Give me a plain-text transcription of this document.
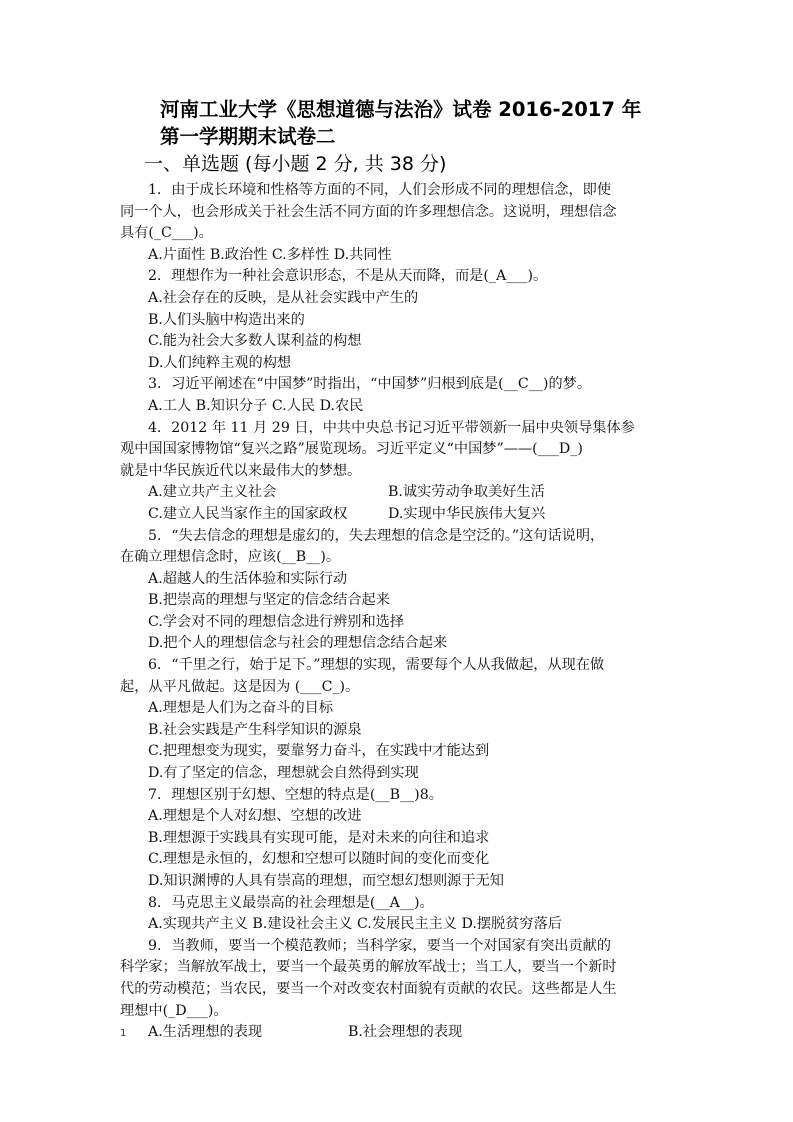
河南工业大学《思想道德与法治》试卷 2016-2017 年
第一学期期末试卷二
一、单选题 (每小题 2 分, 共 38 分)
1．由于成长环境和性格等方面的不同，人们会形成不同的理想信念，即使
同一个人，也会形成关于社会生活不同方面的许多理想信念。这说明，理想信念
具有(_C___)。
A.片面性 B.政治性 C.多样性 D.共同性
2．理想作为一种社会意识形态，不是从天而降，而是(_A___)。
A.社会存在的反映，是从社会实践中产生的
B.人们头脑中构造出来的
C.能为社会大多数人谋利益的构想
D.人们纯粹主观的构想
3．习近平阐述在“中国梦”时指出，“中国梦”归根到底是(__C__)的梦。
A.工人 B.知识分子 C.人民 D.农民
4．2012 年 11 月 29 日，中共中央总书记习近平带领新一届中央领导集体参
观中国国家博物馆“复兴之路”展览现场。习近平定义“中国梦”——(___D_)
就是中华民族近代以来最伟大的梦想。
A.建立共产主义社会	B.诚实劳动争取美好生活
C.建立人民当家作主的国家政权	D.实现中华民族伟大复兴
5．“失去信念的理想是虚幻的，失去理想的信念是空泛的。”这句话说明，
在确立理想信念时，应该(__B__)。
A.超越人的生活体验和实际行动
B.把崇高的理想与坚定的信念结合起来
C.学会对不同的理想信念进行辨别和选择
D.把个人的理想信念与社会的理想信念结合起来
6．“千里之行，始于足下。”理想的实现，需要每个人从我做起，从现在做
起，从平凡做起。这是因为 (___C_)。
A.理想是人们为之奋斗的目标
B.社会实践是产生科学知识的源泉
C.把理想变为现实，要靠努力奋斗，在实践中才能达到
D.有了坚定的信念，理想就会自然得到实现
7．理想区别于幻想、空想的特点是(__B__)8。
A.理想是个人对幻想、空想的改进
B.理想源于实践具有实现可能，是对未来的向往和追求
C.理想是永恒的，幻想和空想可以随时间的变化而变化
D.知识渊博的人具有崇高的理想，而空想幻想则源于无知
8．马克思主义最崇高的社会理想是(__A__)。
A.实现共产主义 B.建设社会主义 C.发展民主主义 D.摆脱贫穷落后
9．当教师，要当一个模范教师；当科学家，要当一个对国家有突出贡献的
科学家；当解放军战士，要当一个最英勇的解放军战士；当工人，要当一个新时
代的劳动模范；当农民，要当一个对改变农村面貌有贡献的农民。这些都是人生
理想中(_D___)。
A.生活理想的表现	B.社会理想的表现
1
